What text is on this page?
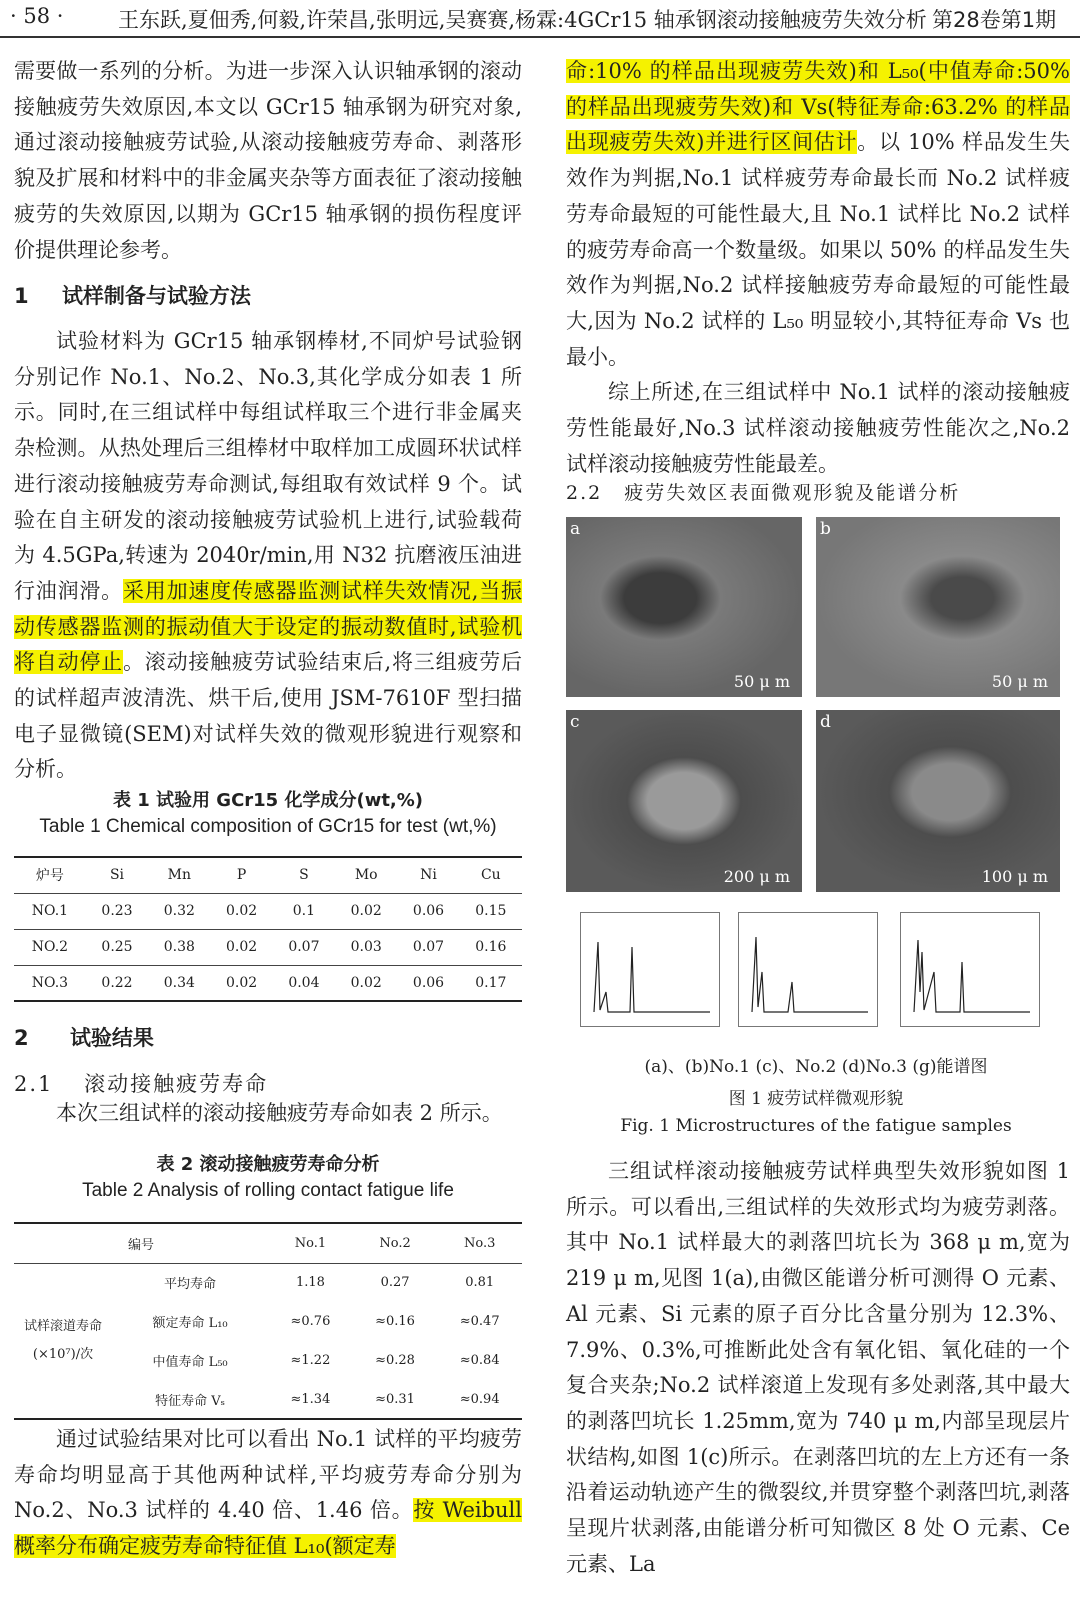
· 58 ·	王东跃,夏佃秀,何毅,许荣昌,张明远,吴赛赛,杨霖:4GCr15 轴承钢滚动接触疲劳失效分析 第28卷第1期

需要做一系列的分析。为进一步深入认识轴承钢的滚动接触疲劳失效原因,本文以 GCr15 轴承钢为研究对象,通过滚动接触疲劳试验,从滚动接触疲劳寿命、剥落形貌及扩展和材料中的非金属夹杂等方面表征了滚动接触疲劳的失效原因,以期为 GCr15 轴承钢的损伤程度评价提供理论参考。

1 试样制备与试验方法

试验材料为 GCr15 轴承钢棒材,不同炉号试验钢分别记作 No.1、No.2、No.3,其化学成分如表 1 所示。同时,在三组试样中每组试样取三个进行非金属夹杂检测。从热处理后三组棒材中取样加工成圆环状试样进行滚动接触疲劳寿命测试,每组取有效试样 9 个。试验在自主研发的滚动接触疲劳试验机上进行,试验载荷为 4.5GPa,转速为 2040r/min,用 N32 抗磨液压油进行油润滑。采用加速度传感器监测试样失效情况,当振动传感器监测的振动值大于设定的振动数值时,试验机将自动停止。滚动接触疲劳试验结束后,将三组疲劳后的试样超声波清洗、烘干后,使用 JSM-7610F 型扫描电子显微镜(SEM)对试样失效的微观形貌进行观察和分析。

表 1 试验用 GCr15 化学成分(wt,%)
Table 1 Chemical composition of GCr15 for test (wt,%)
炉号	Si	Mn	P	S	Mo	Ni	Cu
NO.1	0.23	0.32	0.02	0.1	0.02	0.06	0.15
NO.2	0.25	0.38	0.02	0.07	0.03	0.07	0.16
NO.3	0.22	0.34	0.02	0.04	0.02	0.06	0.17
2 试验结果
2.1 滚动接触疲劳寿命

本次三组试样的滚动接触疲劳寿命如表 2 所示。

表 2 滚动接触疲劳寿命分析
Table 2 Analysis of rolling contact fatigue life
编号		No.1	No.2	No.3

试样滚道寿命
(×10⁷)/次	平均寿命	1.18	0.27	0.81
	额定寿命 L₁₀	≈0.76	≈0.16	≈0.47
	中值寿命 L₅₀	≈1.22	≈0.28	≈0.84
	特征寿命 Vₛ	≈1.34	≈0.31	≈0.94

通过试验结果对比可以看出 No.1 试样的平均疲劳寿命均明显高于其他两种试样,平均疲劳寿命分别为 No.2、No.3 试样的 4.40 倍、1.46 倍。按 Weibull 概率分布确定疲劳寿命特征值 L₁₀(额定寿

命:10% 的样品出现疲劳失效)和 L₅₀(中值寿命:50% 的样品出现疲劳失效)和 Vs(特征寿命:63.2% 的样品出现疲劳失效)并进行区间估计。以 10% 样品发生失效作为判据,No.1 试样疲劳寿命最长而 No.2 试样疲劳寿命最短的可能性最大,且 No.1 试样比 No.2 试样的疲劳寿命高一个数量级。如果以 50% 的样品发生失效作为判据,No.2 试样接触疲劳寿命最短的可能性最大,因为 No.2 试样的 L₅₀ 明显较小,其特征寿命 Vs 也最小。

综上所述,在三组试样中 No.1 试样的滚动接触疲劳性能最好,No.3 试样滚动接触疲劳性能次之,No.2 试样滚动接触疲劳性能最差。

2.2 疲劳失效区表面微观形貌及能谱分析
a
50 μ m
b
50 μ m
c
200 μ m
d
100 μ m
(a)、(b)No.1 (c)、No.2 (d)No.3 (g)能谱图
图 1 疲劳试样微观形貌
Fig. 1 Microstructures of the fatigue samples

三组试样滚动接触疲劳试样典型失效形貌如图 1 所示。可以看出,三组试样的失效形式均为疲劳剥落。其中 No.1 试样最大的剥落凹坑长为 368 μ m,宽为 219 μ m,见图 1(a),由微区能谱分析可测得 O 元素、Al 元素、Si 元素的原子百分比含量分别为 12.3%、7.9%、0.3%,可推断此处含有氧化铝、氧化硅的一个复合夹杂;No.2 试样滚道上发现有多处剥落,其中最大的剥落凹坑长 1.25mm,宽为 740 μ m,内部呈现层片状结构,如图 1(c)所示。在剥落凹坑的左上方还有一条沿着运动轨迹产生的微裂纹,并贯穿整个剥落凹坑,剥落呈现片状剥落,由能谱分析可知微区 8 处 O 元素、Ce 元素、La
